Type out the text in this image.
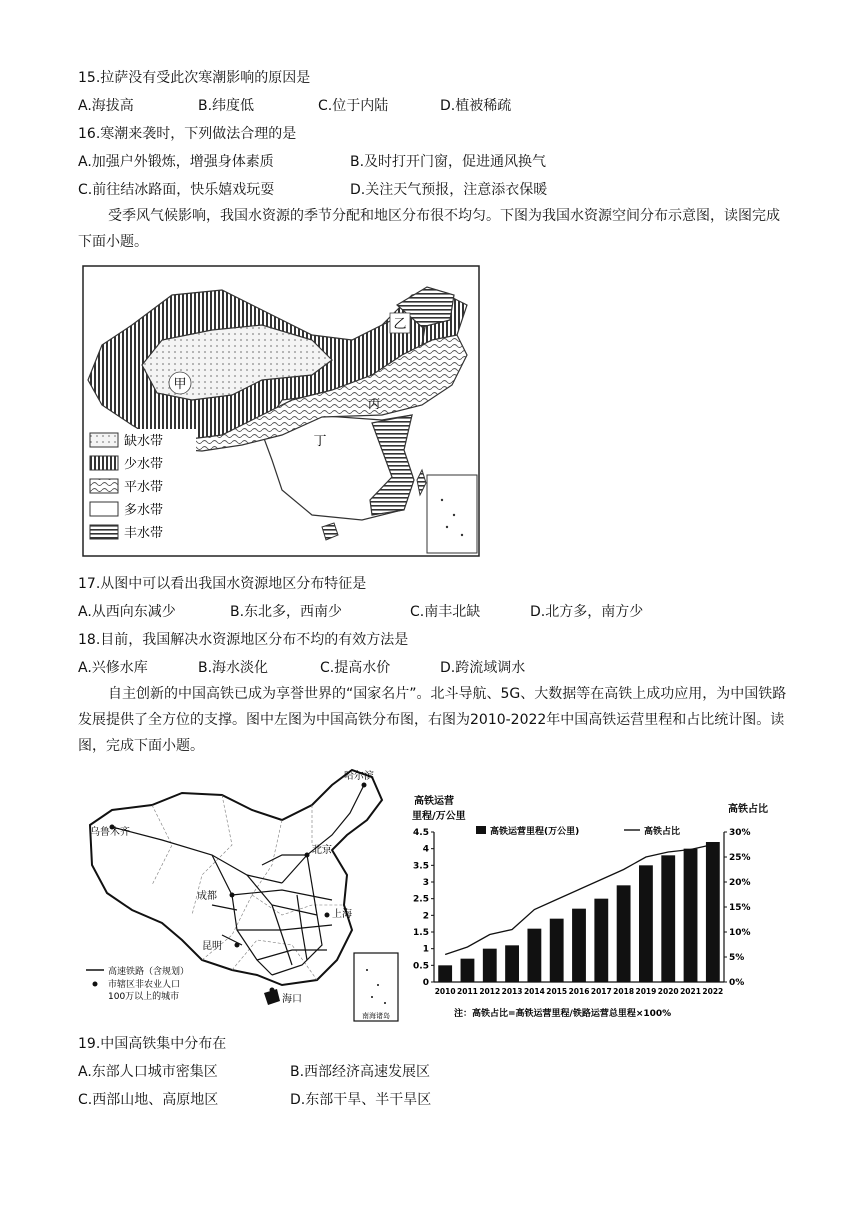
15.拉萨没有受此次寒潮影响的原因是
A.海拔高	B.纬度低	C.位于内陆	D.植被稀疏
16.寒潮来袭时，下列做法合理的是
A.加强户外锻炼，增强身体素质	B.及时打开门窗，促进通风换气
C.前往结冰路面，快乐嬉戏玩耍	D.关注天气预报，注意添衣保暖
受季风气候影响，我国水资源的季节分配和地区分布很不均匀。下图为我国水资源空间分布示意图，读图完成下面小题。
甲
乙
丙
丁
缺水带
少水带
平水带
多水带
丰水带
17.从图中可以看出我国水资源地区分布特征是
A.从西向东减少	B.东北多，西南少	C.南丰北缺	D.北方多，南方少
18.目前，我国解决水资源地区分布不均的有效方法是
A.兴修水库	B.海水淡化	C.提高水价	D.跨流域调水
自主创新的中国高铁已成为享誉世界的“国家名片”。北斗导航、5G、大数据等在高铁上成功应用，为中国铁路发展提供了全方位的支撑。图中左图为中国高铁分布图，右图为2010-2022年中国高铁运营里程和占比统计图。读图，完成下面小题。
乌鲁木齐
哈尔滨
北京
上海
成都
昆明
海口
高速铁路（含规划）
市辖区非农业人口
100万以上的城市
南海诸岛
高铁运营
里程/万公里
高铁占比
0
0.5
1
1.5
2
2.5
3
3.5
4
4.5
0%
5%
10%
15%
20%
25%
30%
2010 2011 2012 2013 2014 2015 2016 2017 2018 2019 2020 2021 2022
高铁运营里程(万公里)	高铁占比
注：高铁占比=高铁运营里程/铁路运营总里程×100%
19.中国高铁集中分布在
A.东部人口城市密集区	B.西部经济高速发展区
C.西部山地、高原地区	D.东部干旱、半干旱区
